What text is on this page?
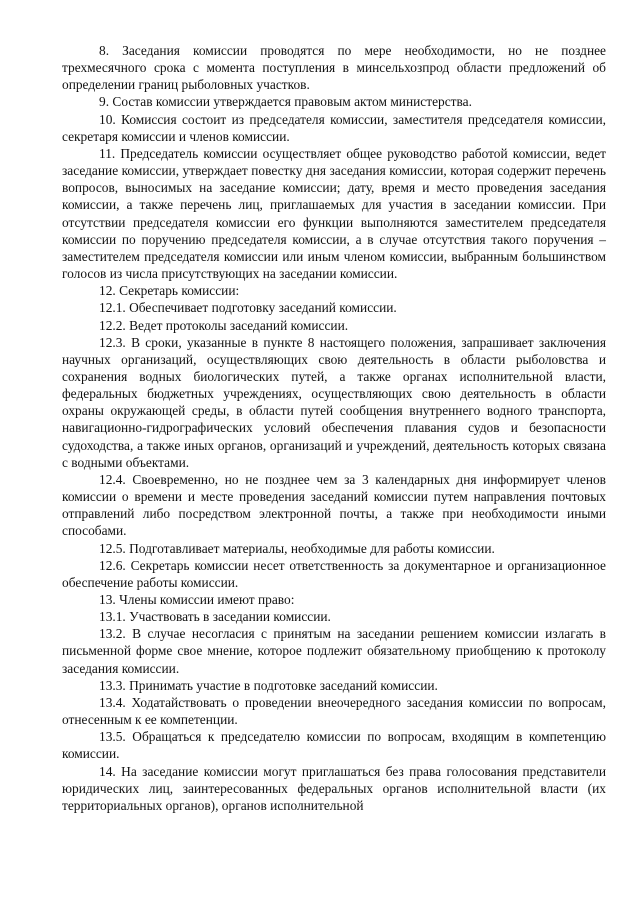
8. Заседания комиссии проводятся по мере необходимости, но не позднее трехмесячного срока с момента поступления в минсельхозпрод области предложений об определении границ рыболовных участков.

9. Состав комиссии утверждается правовым актом министерства.

10. Комиссия состоит из председателя комиссии, заместителя председателя комиссии, секретаря комиссии и членов комиссии.

11. Председатель комиссии осуществляет общее руководство работой комиссии, ведет заседание комиссии, утверждает повестку дня заседания комиссии, которая содержит перечень вопросов, выносимых на заседание комиссии; дату, время и место проведения заседания комиссии, а также перечень лиц, приглашаемых для участия в заседании комиссии. При отсутствии председателя комиссии его функции выполняются заместителем председателя комиссии по поручению председателя комиссии, а в случае отсутствия такого поручения – заместителем председателя комиссии или иным членом комиссии, выбранным большинством голосов из числа присутствующих на заседании комиссии.

12. Секретарь комиссии:

12.1. Обеспечивает подготовку заседаний комиссии.

12.2. Ведет протоколы заседаний комиссии.

12.3. В сроки, указанные в пункте 8 настоящего положения, запрашивает заключения научных организаций, осуществляющих свою деятельность в области рыболовства и сохранения водных биологических путей, а также органах исполнительной власти, федеральных бюджетных учреждениях, осуществляющих свою деятельность в области охраны окружающей среды, в области путей сообщения внутреннего водного транспорта, навигационно-гидрографических условий обеспечения плавания судов и безопасности судоходства, а также иных органов, организаций и учреждений, деятельность которых связана с водными объектами.

12.4. Своевременно, но не позднее чем за 3 календарных дня информирует членов комиссии о времени и месте проведения заседаний комиссии путем направления почтовых отправлений либо посредством электронной почты, а также при необходимости иными способами.

12.5. Подготавливает материалы, необходимые для работы комиссии.

12.6. Секретарь комиссии несет ответственность за документарное и организационное обеспечение работы комиссии.

13. Члены комиссии имеют право:

13.1. Участвовать в заседании комиссии.

13.2. В случае несогласия с принятым на заседании решением комиссии излагать в письменной форме свое мнение, которое подлежит обязательному приобщению к протоколу заседания комиссии.

13.3. Принимать участие в подготовке заседаний комиссии.

13.4. Ходатайствовать о проведении внеочередного заседания комиссии по вопросам, отнесенным к ее компетенции.

13.5. Обращаться к председателю комиссии по вопросам, входящим в компетенцию комиссии.

14. На заседание комиссии могут приглашаться без права голосования представители юридических лиц, заинтересованных федеральных органов исполнительной власти (их территориальных органов), органов исполнительной
